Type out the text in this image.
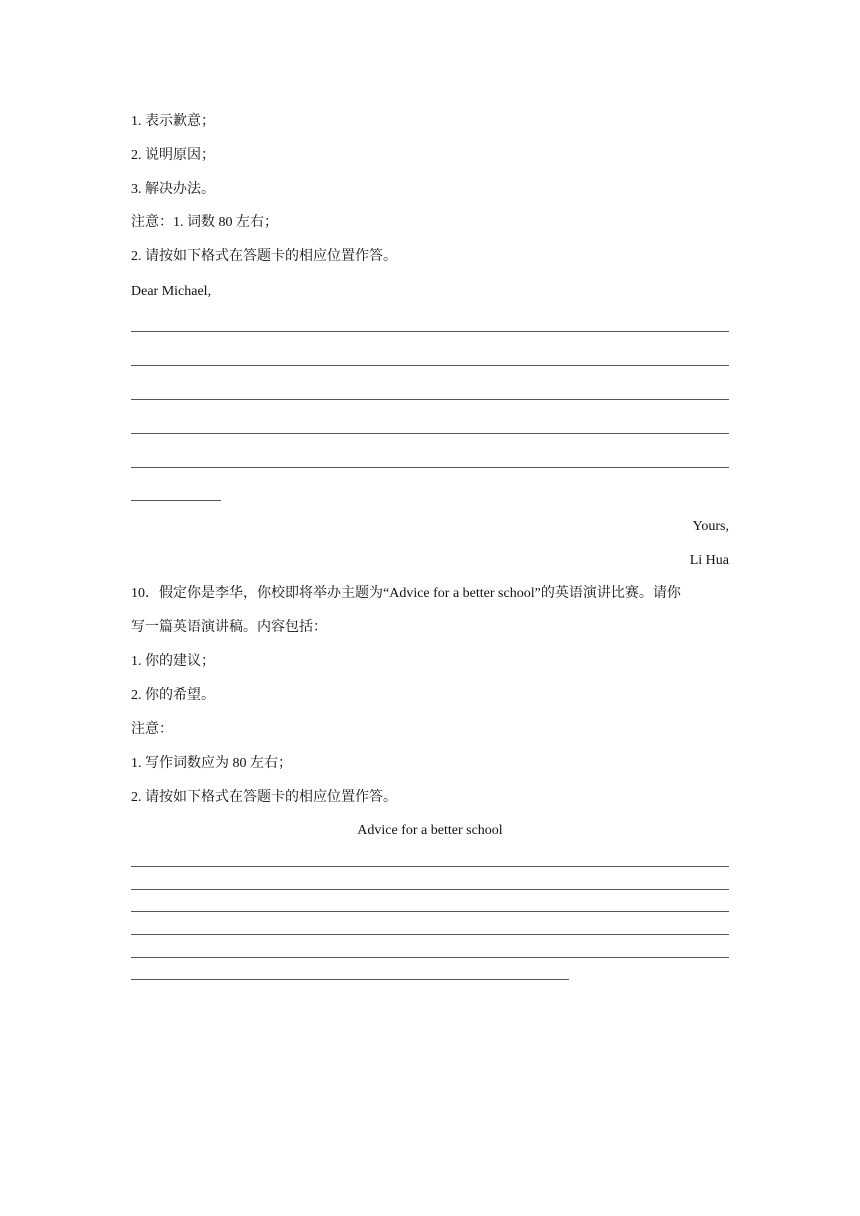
1. 表示歉意；
2. 说明原因；
3. 解决办法。
注意：1. 词数 80 左右；
2. 请按如下格式在答题卡的相应位置作答。
Dear Michael,
Yours,
Li Hua
10．假定你是李华，你校即将举办主题为“Advice for a better school”的英语演讲比赛。请你
写一篇英语演讲稿。内容包括：
1. 你的建议；
2. 你的希望。
注意：
1. 写作词数应为 80 左右；
2. 请按如下格式在答题卡的相应位置作答。
Advice for a better school
